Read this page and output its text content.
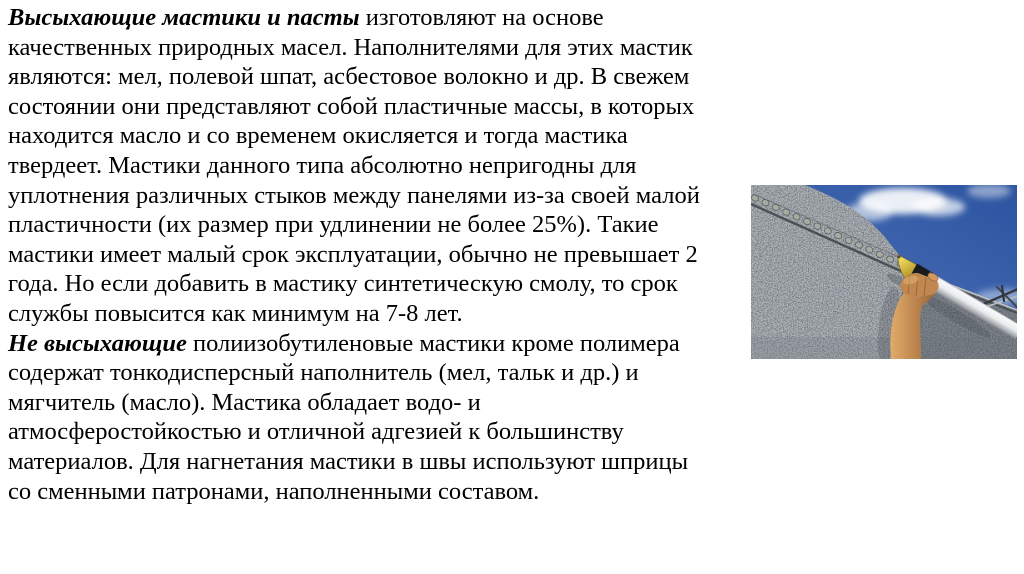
Высыхающие мастики и пасты изготовляют на основе
качественных природных масел. Наполнителями для этих мастик
являются: мел, полевой шпат, асбестовое волокно и др. В свежем
состоянии они представляют собой пластичные массы, в которых
находится масло и со временем окисляется и тогда мастика
твердеет. Мастики данного типа абсолютно непригодны для
уплотнения различных стыков между панелями из-за своей малой
пластичности (их размер при удлинении не более 25%). Такие
мастики имеет малый срок эксплуатации, обычно не превышает 2
года. Но если добавить в мастику синтетическую смолу, то срок
службы повысится как минимум на 7-8 лет.
Не высыхающие полиизобутиленовые мастики кроме полимера
содержат тонкодисперсный наполнитель (мел, тальк и др.) и
мягчитель (масло). Мастика обладает водо- и
атмосферостойкостью и отличной адгезией к большинству
материалов. Для нагнетания мастики в швы используют шприцы
со сменными патронами, наполненными составом.
